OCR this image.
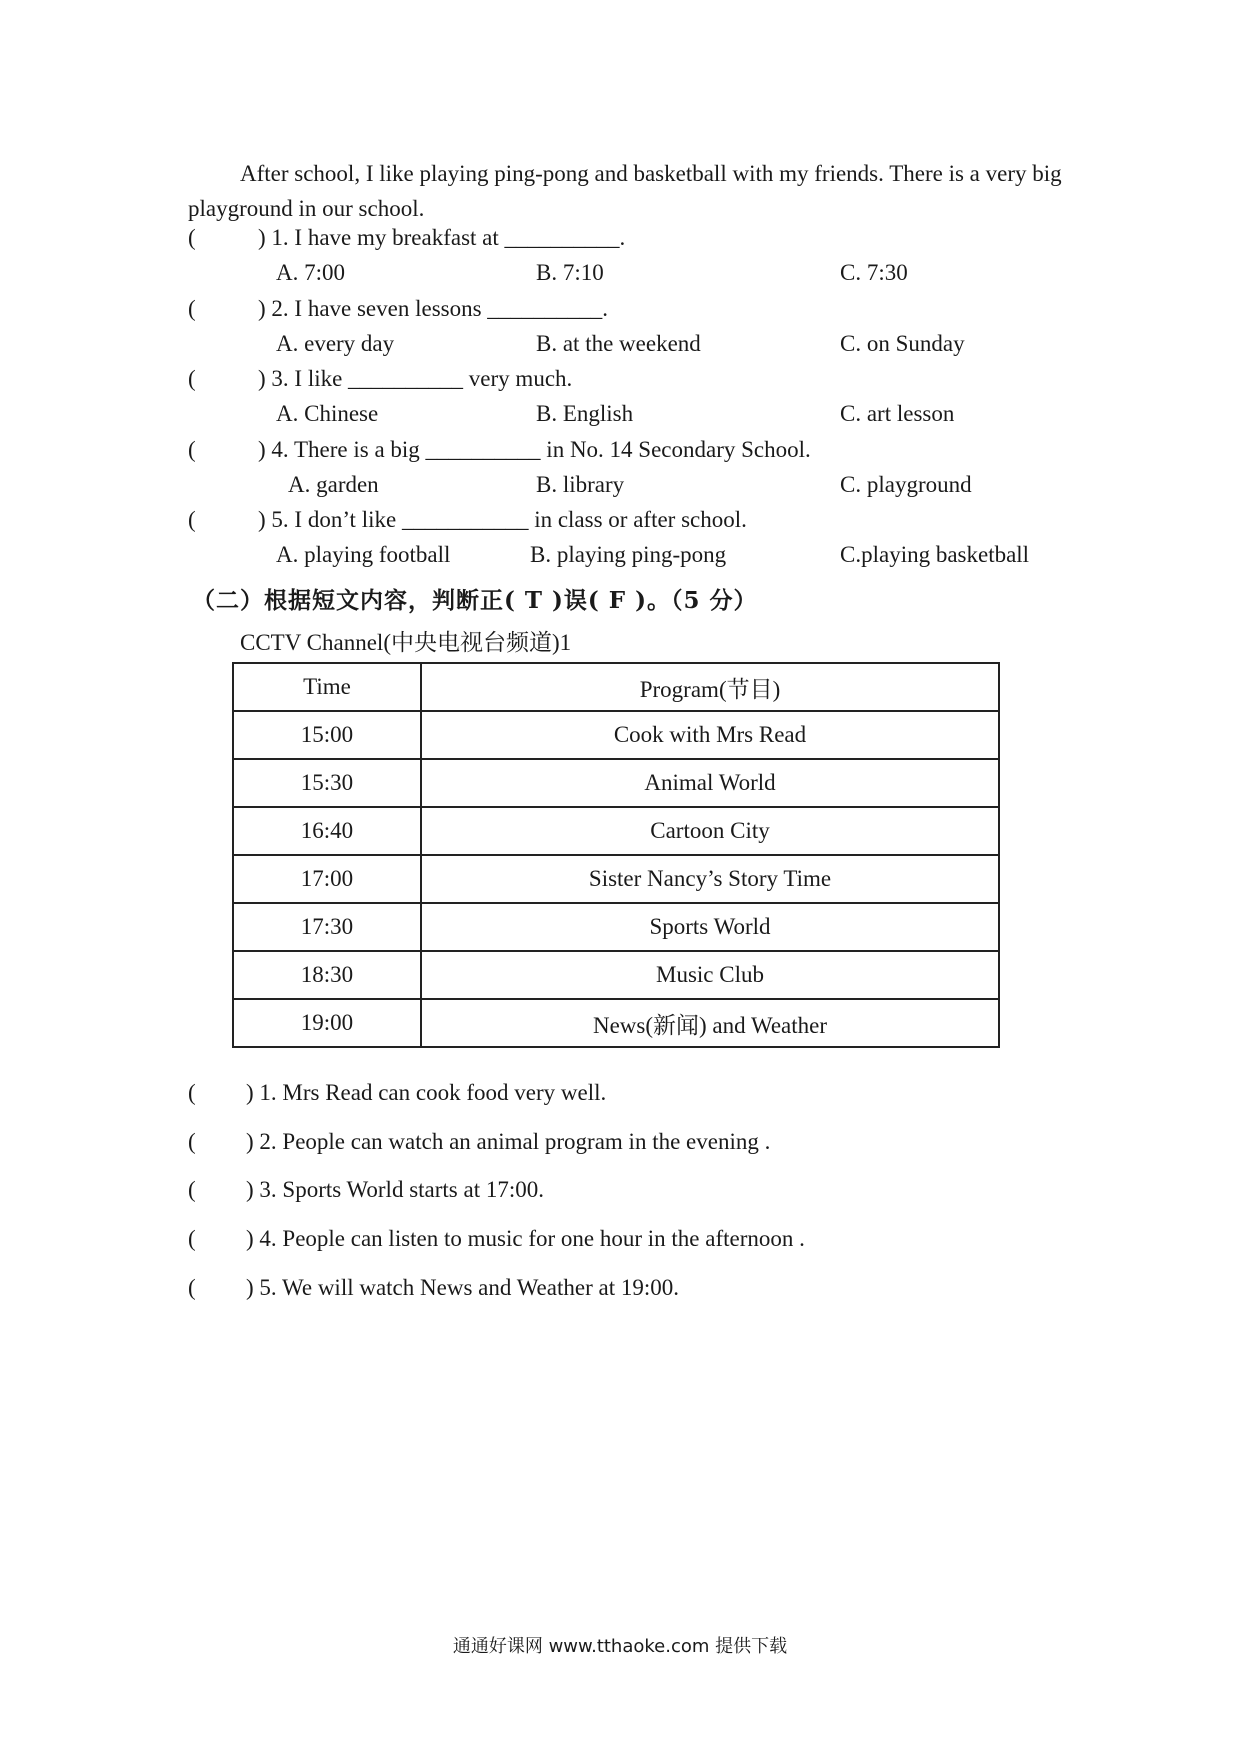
After school, I like playing ping-pong and basketball with my friends. There is a very big playground in our school.
(	) 1. I have my breakfast at __________.
A. 7:00	B. 7:10	C. 7:30
(	) 2. I have seven lessons __________.
A. every day	B. at the weekend	C. on Sunday
(	) 3. I like __________ very much.
A. Chinese	B. English	C. art lesson
(	) 4. There is a big __________ in No. 14 Secondary School.
A. garden	B. library	C. playground
(	) 5. I don’t like ___________ in class or after school.
A. playing football	B. playing ping-pong	C.playing basketball
（二）根据短文内容，判断正( T )误( F )。（5 分）
CCTV Channel(中央电视台频道)1
Time	Program(节目)
15:00	Cook with Mrs Read
15:30	Animal World
16:40	Cartoon City
17:00	Sister Nancy’s Story Time
17:30	Sports World
18:30	Music Club
19:00	News(新闻) and Weather
( ) 1. Mrs Read can cook food very well.
( ) 2. People can watch an animal program in the evening .
( ) 3. Sports World starts at 17:00.
( ) 4. People can listen to music for one hour in the afternoon .
( ) 5. We will watch News and Weather at 19:00.
通通好课网 www.tthaoke.com 提供下载
